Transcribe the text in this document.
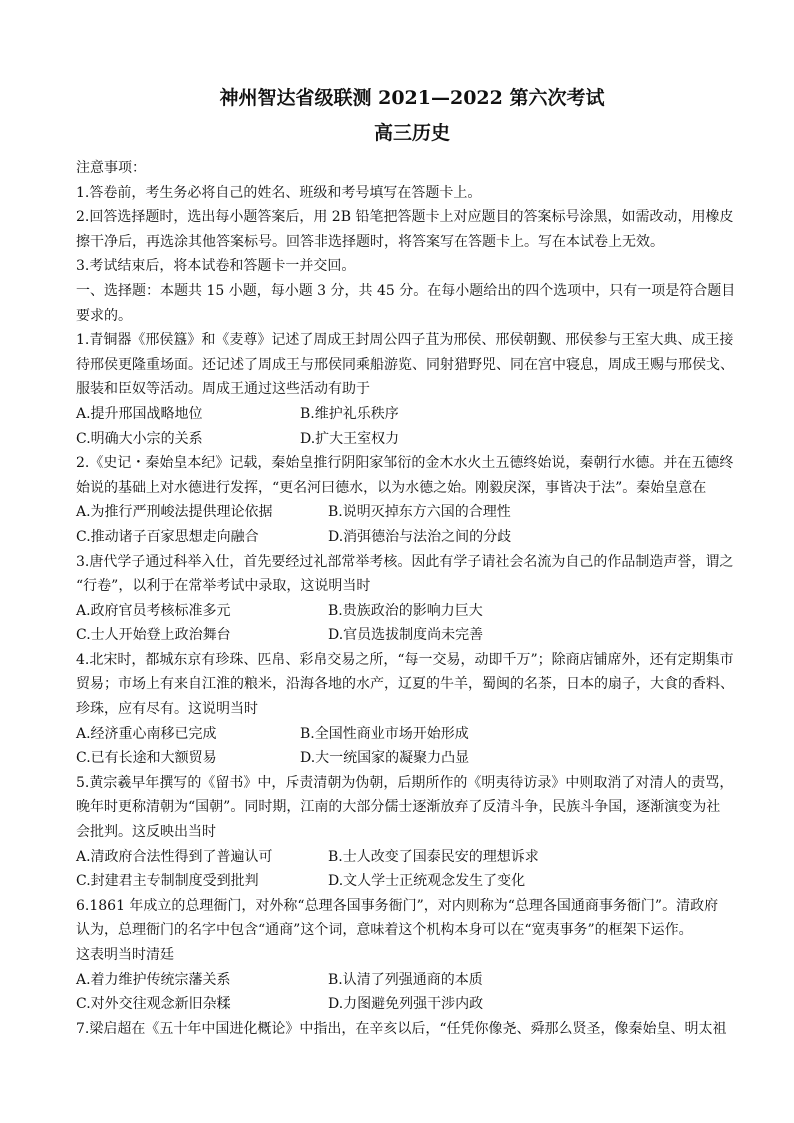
神州智达省级联测 2021—2022 第六次考试
高三历史
注意事项：
1.答卷前，考生务必将自己的姓名、班级和考号填写在答题卡上。
2.回答选择题时，选出每小题答案后，用 2B 铅笔把答题卡上对应题目的答案标号涂黑，如需改动，用橡皮
擦干净后，再选涂其他答案标号。回答非选择题时，将答案写在答题卡上。写在本试卷上无效。
3.考试结束后，将本试卷和答题卡一并交回。
一、选择题：本题共 15 小题，每小题 3 分，共 45 分。在每小题给出的四个选项中，只有一项是符合题目
要求的。
1.青铜器《邢侯簋》和《麦尊》记述了周成王封周公四子苴为邢侯、邢侯朝觐、邢侯参与王室大典、成王接
待邢侯更隆重场面。还记述了周成王与邢侯同乘船游览、同射猎野兕、同在宫中寝息，周成王赐与邢侯戈、
服装和臣奴等活动。周成王通过这些活动有助于
A.提升邢国战略地位	B.维护礼乐秩序
C.明确大小宗的关系	D.扩大王室权力
2.《史记・秦始皇本纪》记载，秦始皇推行阴阳家邹衍的金木水火土五德终始说，秦朝行水德。并在五德终
始说的基础上对水德进行发挥，“更名河曰德水，以为水德之始。刚毅戾深，事皆决于法”。秦始皇意在
A.为推行严刑峻法提供理论依据	B.说明灭掉东方六国的合理性
C.推动诸子百家思想走向融合	D.消弭德治与法治之间的分歧
3.唐代学子通过科举入仕，首先要经过礼部常举考核。因此有学子请社会名流为自己的作品制造声誉，谓之
“行卷”，以利于在常举考试中录取，这说明当时
A.政府官员考核标准多元	B.贵族政治的影响力巨大
C.士人开始登上政治舞台	D.官员选拔制度尚未完善
4.北宋时，都城东京有珍珠、匹帛、彩帛交易之所，“每一交易，动即千万”；除商店铺席外，还有定期集市
贸易；市场上有来自江淮的粮米，沿海各地的水产，辽夏的牛羊，蜀闽的名茶，日本的扇子，大食的香料、
珍珠，应有尽有。这说明当时
A.经济重心南移已完成	B.全国性商业市场开始形成
C.已有长途和大额贸易	D.大一统国家的凝聚力凸显
5.黄宗羲早年撰写的《留书》中，斥责清朝为伪朝，后期所作的《明夷待访录》中则取消了对清人的责骂，
晚年时更称清朝为“国朝”。同时期，江南的大部分儒士逐渐放弃了反清斗争，民族斗争国，逐渐演变为社
会批判。这反映出当时
A.清政府合法性得到了普遍认可	B.士人改变了国泰民安的理想诉求
C.封建君主专制制度受到批判	D.文人学士正统观念发生了变化
6.1861 年成立的总理衙门，对外称“总理各国事务衙门”，对内则称为“总理各国通商事务衙门”。清政府
认为，总理衙门的名字中包含“通商”这个词，意味着这个机构本身可以在“宽夷事务”的框架下运作。
这表明当时清廷
A.着力维护传统宗藩关系	B.认清了列强通商的本质
C.对外交往观念新旧杂糅	D.力图避免列强干涉内政
7.梁启超在《五十年中国进化概论》中指出，在辛亥以后，“任凭你像尧、舜那么贤圣，像秦始皇、明太祖
